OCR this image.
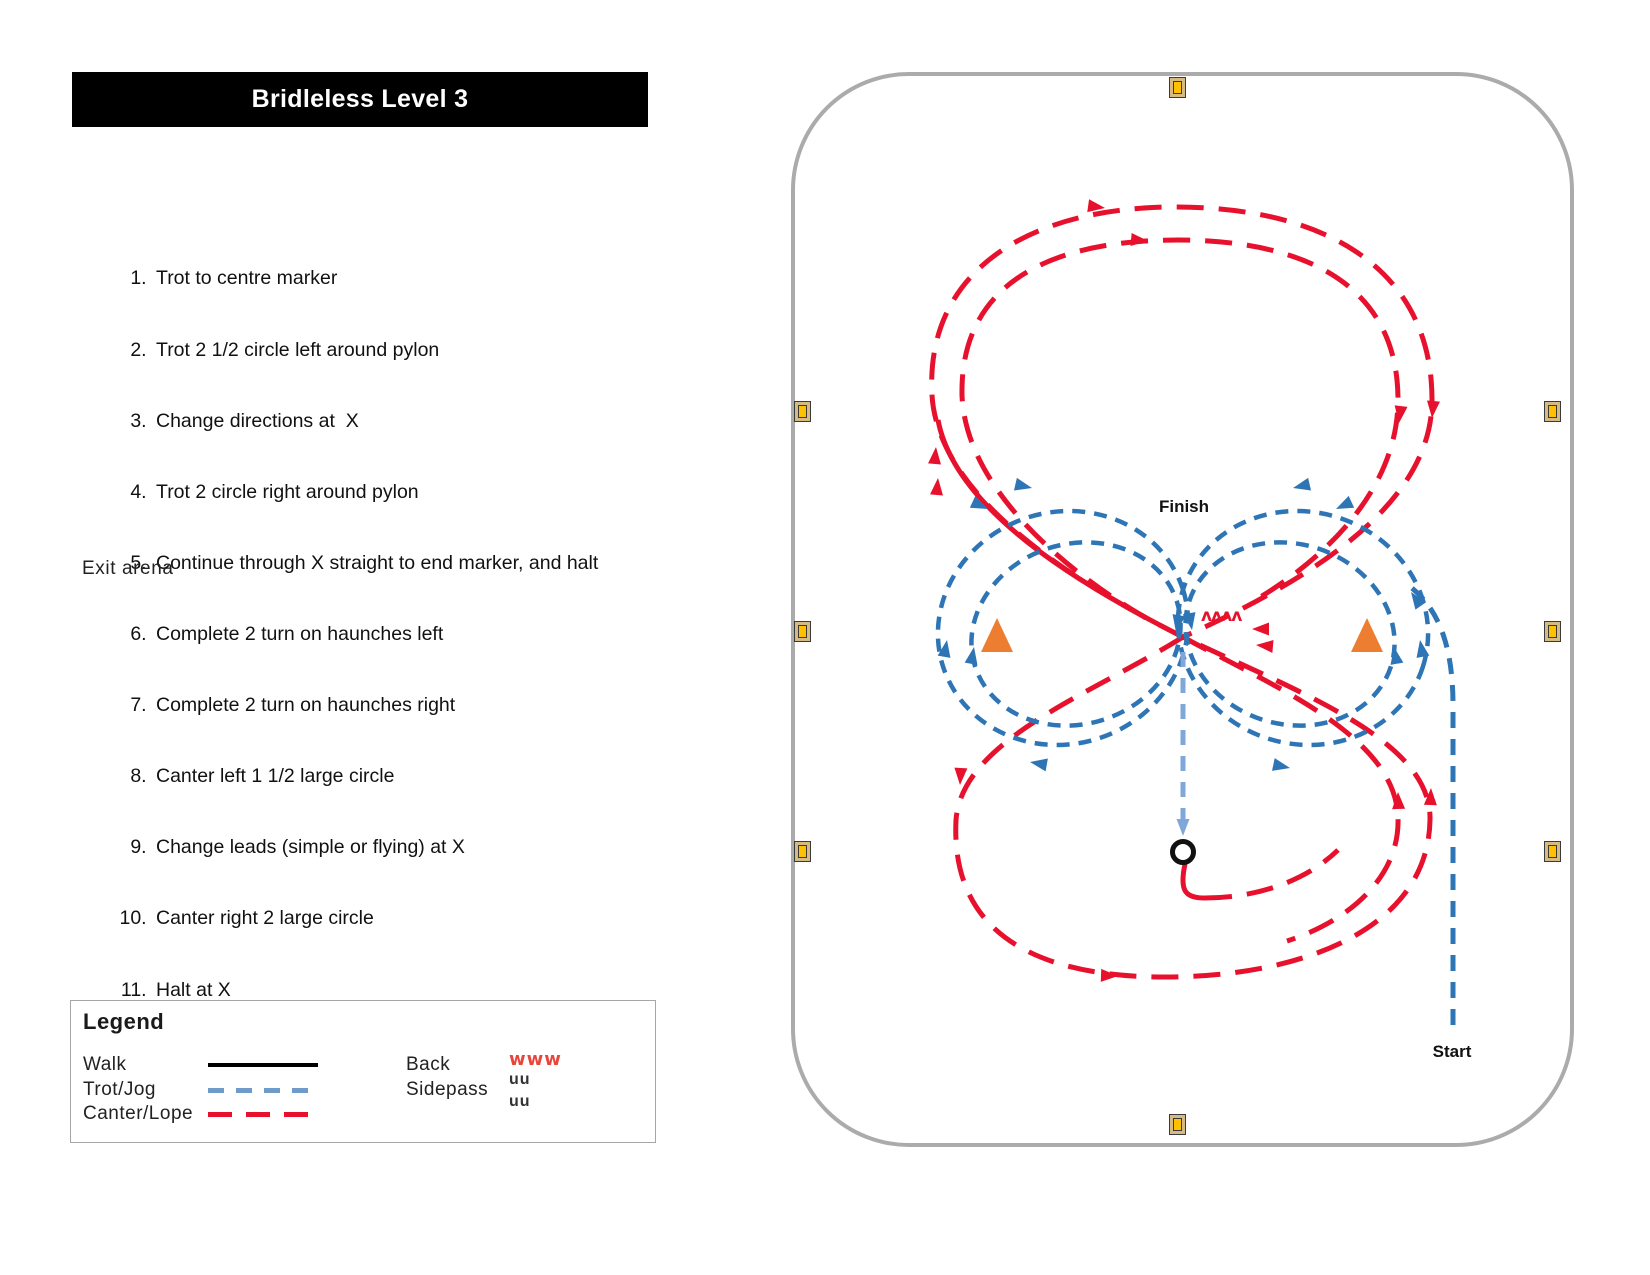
Bridleless Level 3

1. Trot to centre marker

2. Trot 2 1/2 circle left around pylon

3. Change directions at  X

4. Trot 2 circle right around pylon

5. Continue through X straight to end marker, and halt

6. Complete 2 turn on haunches left

7. Complete 2 turn on haunches right

8. Canter left 1 1/2 large circle

9. Change leads (simple or flying) at X

10. Canter right 2 large circle

11. Halt at X

12.

Exit arena
Legend
Walk
Trot/Jog
Canter/Lope
Back
Sidepass
www
uu
uu
Finish
Start
ʌʌʌʌ
